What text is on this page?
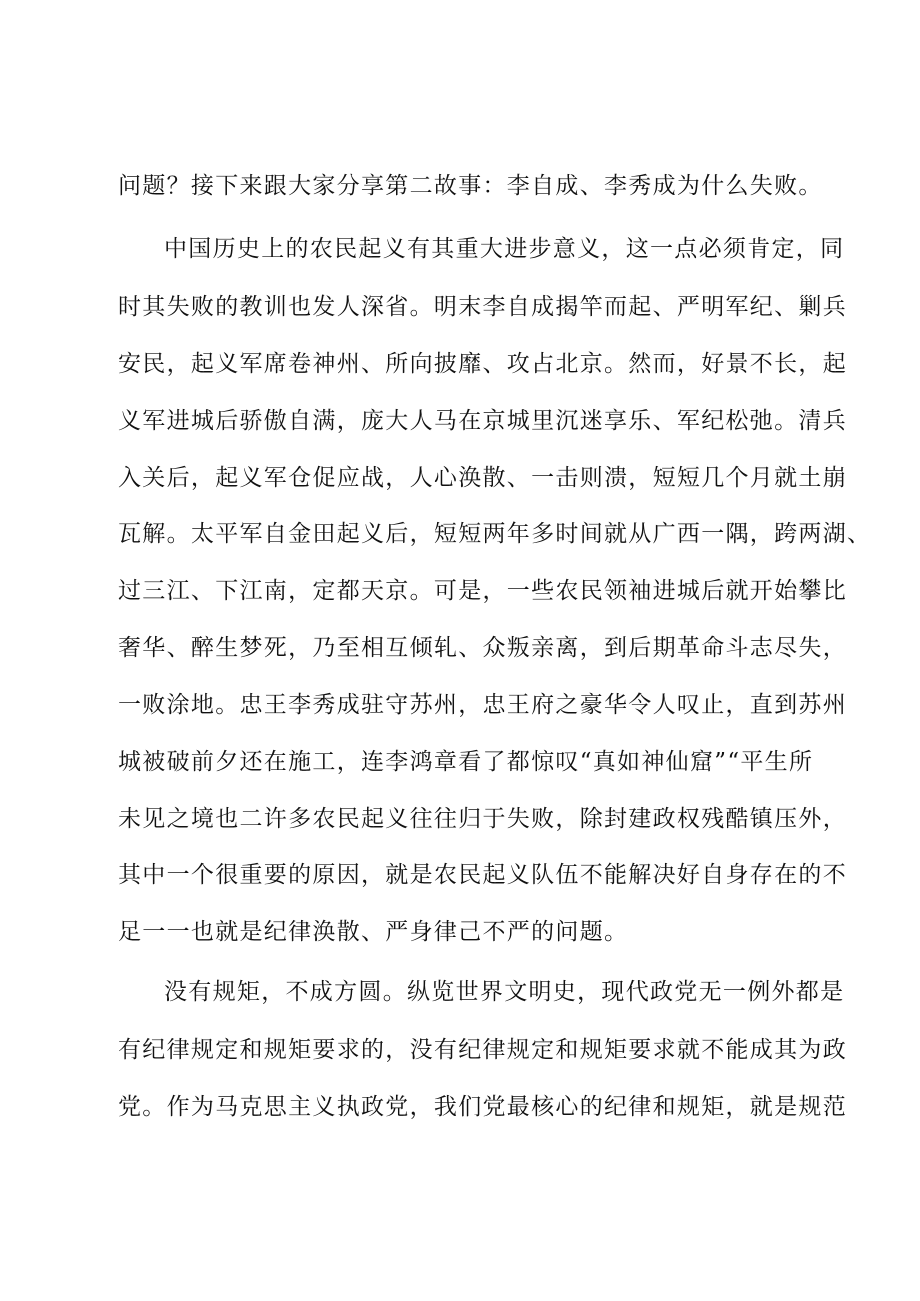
问题？接下来跟大家分享第二故事：李自成、李秀成为什么失败。
中国历史上的农民起义有其重大进步意义，这一点必须肯定，同
时其失败的教训也发人深省。明末李自成揭竿而起、严明军纪、剿兵
安民，起义军席卷神州、所向披靡、攻占北京。然而，好景不长，起
义军进城后骄傲自满，庞大人马在京城里沉迷享乐、军纪松弛。清兵
入关后，起义军仓促应战，人心涣散、一击则溃，短短几个月就土崩
瓦解。太平军自金田起义后，短短两年多时间就从广西一隅，跨两湖、
过三江、下江南，定都天京。可是，一些农民领袖进城后就开始攀比
奢华、醉生梦死，乃至相互倾轧、众叛亲离，到后期革命斗志尽失，
一败涂地。忠王李秀成驻守苏州，忠王府之豪华令人叹止，直到苏州
城被破前夕还在施工，连李鸿章看了都惊叹“真如神仙窟”“平生所
未见之境也二许多农民起义往往归于失败，除封建政权残酷镇压外，
其中一个很重要的原因，就是农民起义队伍不能解决好自身存在的不
足一一也就是纪律涣散、严身律己不严的问题。
没有规矩，不成方圆。纵览世界文明史，现代政党无一例外都是
有纪律规定和规矩要求的，没有纪律规定和规矩要求就不能成其为政
党。作为马克思主义执政党，我们党最核心的纪律和规矩，就是规范
